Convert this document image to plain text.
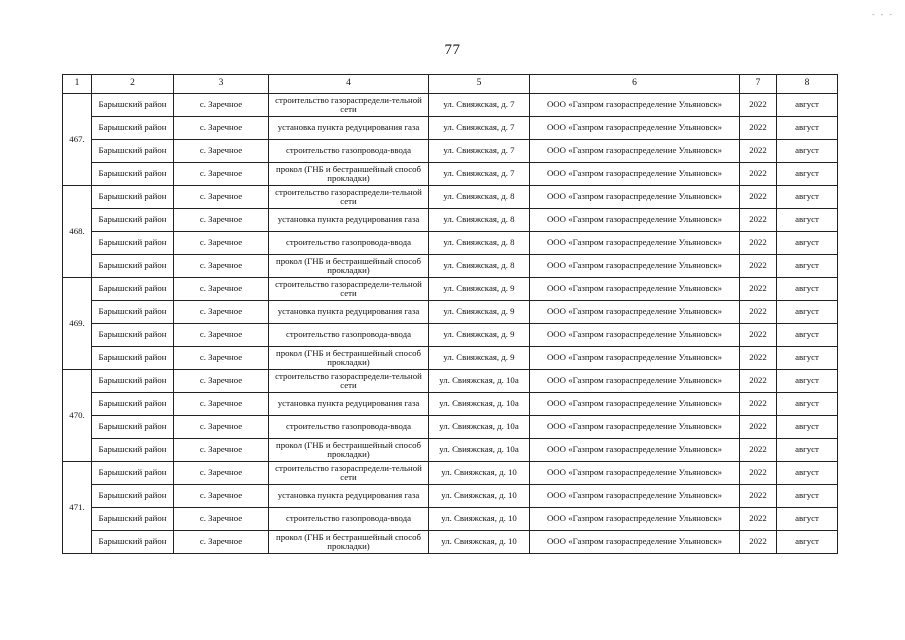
77
- - -
1	2	3	4	5	6	7	8
467.	Барышский район	с. Заречное	строительство газораспредели-тельной сети	ул. Свияжская, д. 7	ООО «Газпром газораспределение Ульяновск»	2022	август
	Барышский район	с. Заречное	установка пункта редуцирования газа	ул. Свияжская, д. 7	ООО «Газпром газораспределение Ульяновск»	2022	август
	Барышский район	с. Заречное	строительство газопровода-ввода	ул. Свияжская, д. 7	ООО «Газпром газораспределение Ульяновск»	2022	август
	Барышский район	с. Заречное	прокол (ГНБ и бестраншейный способ прокладки)	ул. Свияжская, д. 7	ООО «Газпром газораспределение Ульяновск»	2022	август
468.	Барышский район	с. Заречное	строительство газораспредели-тельной сети	ул. Свияжская, д. 8	ООО «Газпром газораспределение Ульяновск»	2022	август
	Барышский район	с. Заречное	установка пункта редуцирования газа	ул. Свияжская, д. 8	ООО «Газпром газораспределение Ульяновск»	2022	август
	Барышский район	с. Заречное	строительство газопровода-ввода	ул. Свияжская, д. 8	ООО «Газпром газораспределение Ульяновск»	2022	август
	Барышский район	с. Заречное	прокол (ГНБ и бестраншейный способ прокладки)	ул. Свияжская, д. 8	ООО «Газпром газораспределение Ульяновск»	2022	август
469.	Барышский район	с. Заречное	строительство газораспредели-тельной сети	ул. Свияжская, д. 9	ООО «Газпром газораспределение Ульяновск»	2022	август
	Барышский район	с. Заречное	установка пункта редуцирования газа	ул. Свияжская, д. 9	ООО «Газпром газораспределение Ульяновск»	2022	август
	Барышский район	с. Заречное	строительство газопровода-ввода	ул. Свияжская, д. 9	ООО «Газпром газораспределение Ульяновск»	2022	август
	Барышский район	с. Заречное	прокол (ГНБ и бестраншейный способ прокладки)	ул. Свияжская, д. 9	ООО «Газпром газораспределение Ульяновск»	2022	август
470.	Барышский район	с. Заречное	строительство газораспредели-тельной сети	ул. Свияжская, д. 10а	ООО «Газпром газораспределение Ульяновск»	2022	август
	Барышский район	с. Заречное	установка пункта редуцирования газа	ул. Свияжская, д. 10а	ООО «Газпром газораспределение Ульяновск»	2022	август
	Барышский район	с. Заречное	строительство газопровода-ввода	ул. Свияжская, д. 10а	ООО «Газпром газораспределение Ульяновск»	2022	август
	Барышский район	с. Заречное	прокол (ГНБ и бестраншейный способ прокладки)	ул. Свияжская, д. 10а	ООО «Газпром газораспределение Ульяновск»	2022	август
471.	Барышский район	с. Заречное	строительство газораспредели-тельной сети	ул. Свияжская, д. 10	ООО «Газпром газораспределение Ульяновск»	2022	август
	Барышский район	с. Заречное	установка пункта редуцирования газа	ул. Свияжская, д. 10	ООО «Газпром газораспределение Ульяновск»	2022	август
	Барышский район	с. Заречное	строительство газопровода-ввода	ул. Свияжская, д. 10	ООО «Газпром газораспределение Ульяновск»	2022	август
	Барышский район	с. Заречное	прокол (ГНБ и бестраншейный способ прокладки)	ул. Свияжская, д. 10	ООО «Газпром газораспределение Ульяновск»	2022	август
